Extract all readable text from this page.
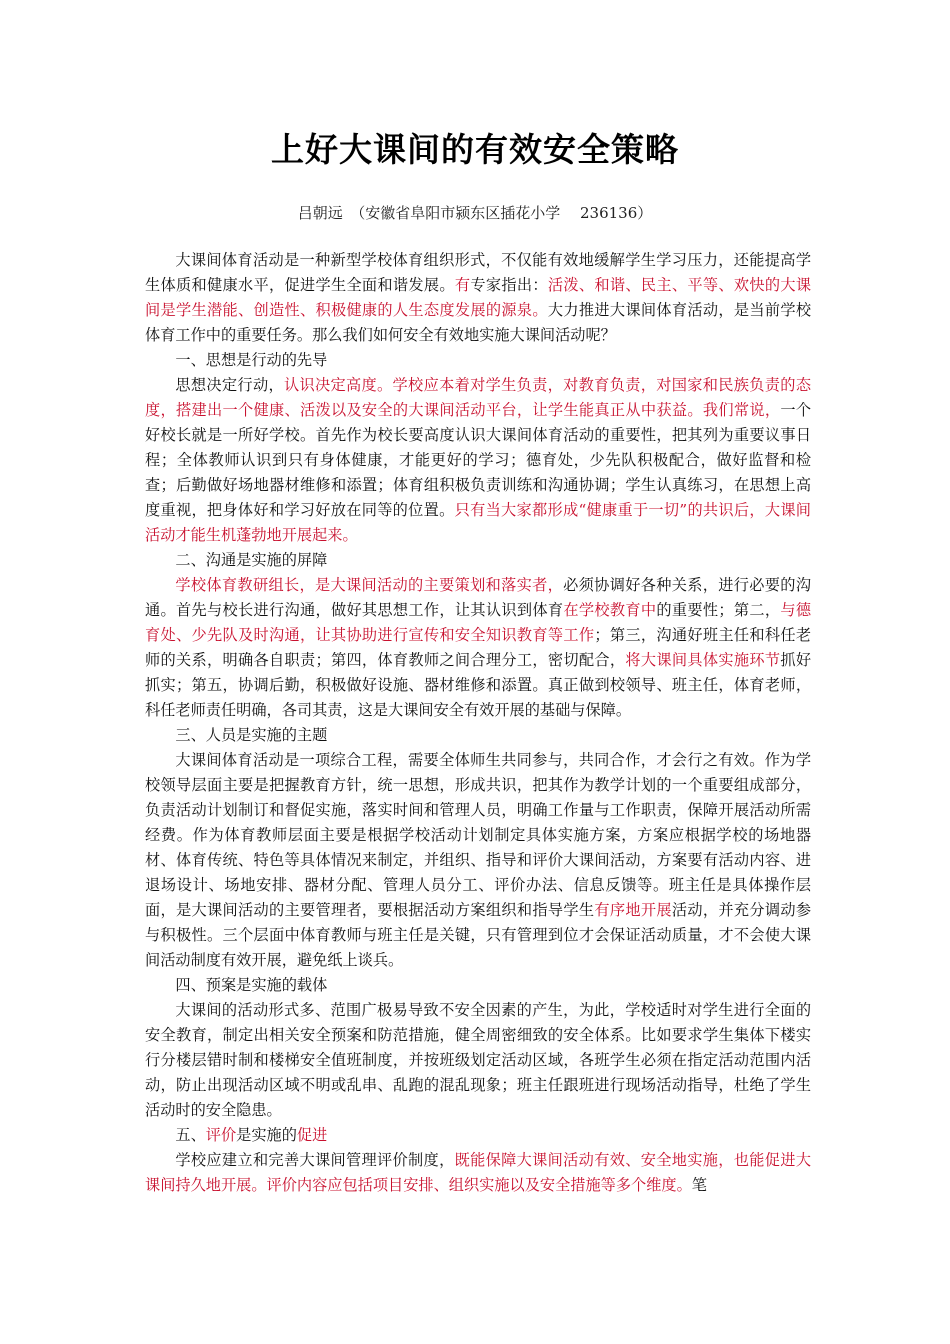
上好大课间的有效安全策略
吕朝远　（安徽省阜阳市颍东区插花小学　 236136）

大课间体育活动是一种新型学校体育组织形式，不仅能有效地缓解学生学习压力，还能提高学生体质和健康水平，促进学生全面和谐发展。有专家指出：活泼、和谐、民主、平等、欢快的大课间是学生潜能、创造性、积极健康的人生态度发展的源泉。大力推进大课间体育活动，是当前学校体育工作中的重要任务。那么我们如何安全有效地实施大课间活动呢？

一、思想是行动的先导

思想决定行动，认识决定高度。学校应本着对学生负责，对教育负责，对国家和民族负责的态度，搭建出一个健康、活泼以及安全的大课间活动平台，让学生能真正从中获益。我们常说，一个好校长就是一所好学校。首先作为校长要高度认识大课间体育活动的重要性，把其列为重要议事日程；全体教师认识到只有身体健康，才能更好的学习；德育处，少先队积极配合，做好监督和检查；后勤做好场地器材维修和添置；体育组积极负责训练和沟通协调；学生认真练习，在思想上高度重视，把身体好和学习好放在同等的位置。只有当大家都形成“健康重于一切”的共识后，大课间活动才能生机蓬勃地开展起来。

二、沟通是实施的屏障

学校体育教研组长，是大课间活动的主要策划和落实者，必须协调好各种关系，进行必要的沟通。首先与校长进行沟通，做好其思想工作，让其认识到体育在学校教育中的重要性；第二，与德育处、少先队及时沟通，让其协助进行宣传和安全知识教育等工作；第三，沟通好班主任和科任老师的关系，明确各自职责；第四，体育教师之间合理分工，密切配合，将大课间具体实施环节抓好抓实；第五，协调后勤，积极做好设施、器材维修和添置。真正做到校领导、班主任，体育老师，科任老师责任明确，各司其责，这是大课间安全有效开展的基础与保障。

三、人员是实施的主题

大课间体育活动是一项综合工程，需要全体师生共同参与，共同合作，才会行之有效。作为学校领导层面主要是把握教育方针，统一思想，形成共识，把其作为教学计划的一个重要组成部分，负责活动计划制订和督促实施，落实时间和管理人员，明确工作量与工作职责，保障开展活动所需经费。作为体育教师层面主要是根据学校活动计划制定具体实施方案，方案应根据学校的场地器材、体育传统、特色等具体情况来制定，并组织、指导和评价大课间活动，方案要有活动内容、进退场设计、场地安排、器材分配、管理人员分工、评价办法、信息反馈等。班主任是具体操作层面，是大课间活动的主要管理者，要根据活动方案组织和指导学生有序地开展活动，并充分调动参与积极性。三个层面中体育教师与班主任是关键，只有管理到位才会保证活动质量，才不会使大课间活动制度有效开展，避免纸上谈兵。

四、预案是实施的载体

大课间的活动形式多、范围广极易导致不安全因素的产生，为此，学校适时对学生进行全面的安全教育，制定出相关安全预案和防范措施，健全周密细致的安全体系。比如要求学生集体下楼实行分楼层错时制和楼梯安全值班制度，并按班级划定活动区域，各班学生必须在指定活动范围内活动，防止出现活动区域不明或乱串、乱跑的混乱现象；班主任跟班进行现场活动指导，杜绝了学生活动时的安全隐患。

五、评价是实施的促进

学校应建立和完善大课间管理评价制度，既能保障大课间活动有效、安全地实施，也能促进大课间持久地开展。评价内容应包括项目安排、组织实施以及安全措施等多个维度。笔
